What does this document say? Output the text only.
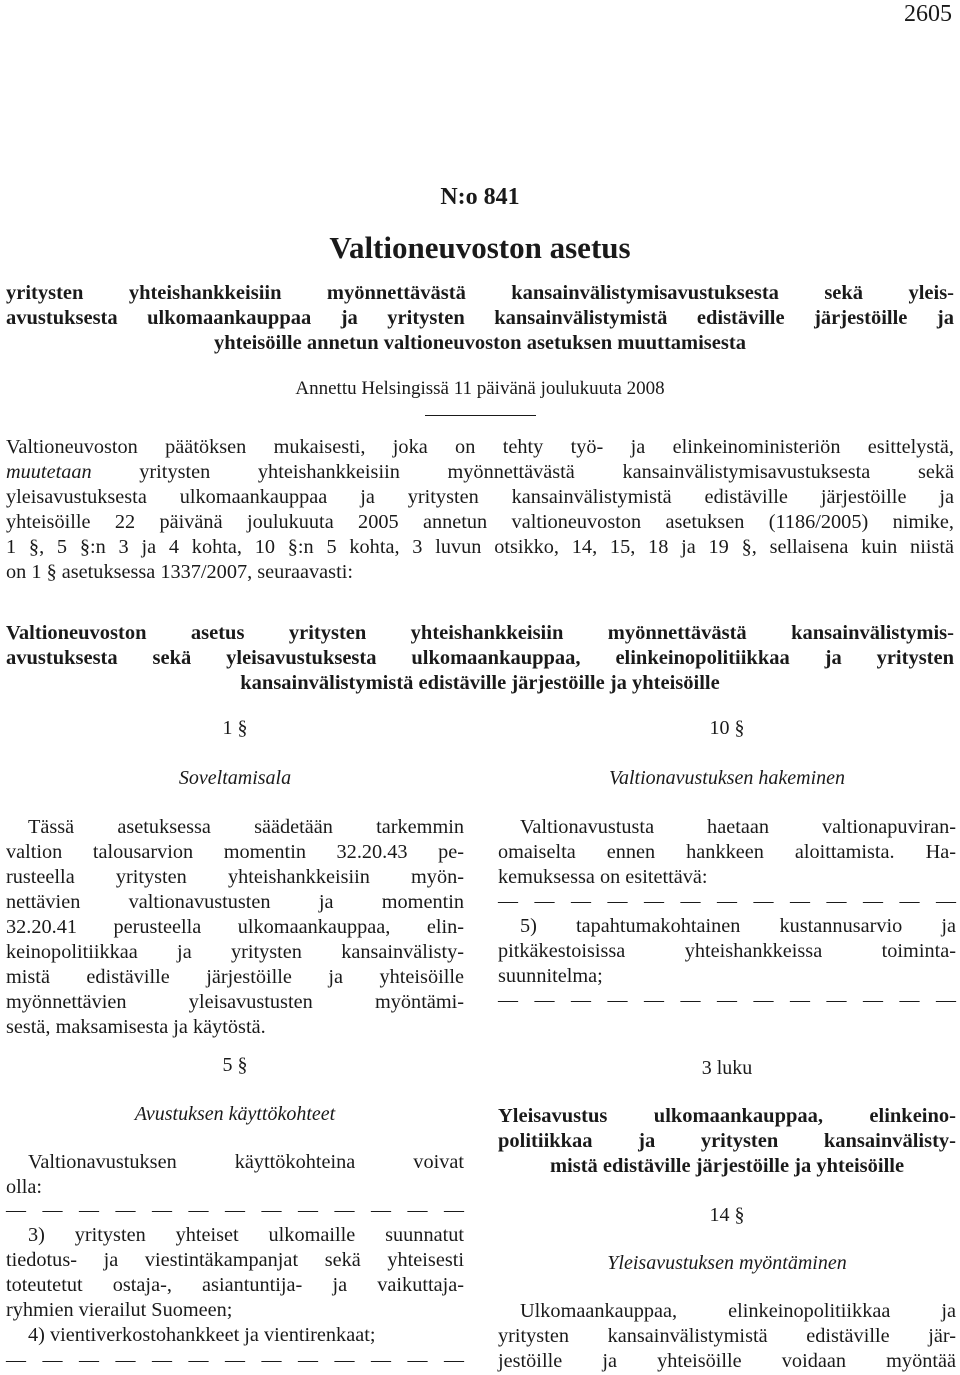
2605
N:o 841
Valtioneuvoston asetus
yritysten yhteishankkeisiin myönnettävästä kansainvälistymisavustuksesta sekä yleis-
avustuksesta ulkomaankauppaa ja yritysten kansainvälistymistä edistäville järjestöille ja
yhteisöille annetun valtioneuvoston asetuksen muuttamisesta
Annettu Helsingissä 11 päivänä joulukuuta 2008
Valtioneuvoston päätöksen mukaisesti, joka on tehty työ- ja elinkeinoministeriön esittelystä,
muutetaan yritysten yhteishankkeisiin myönnettävästä kansainvälistymisavustuksesta sekä
yleisavustuksesta ulkomaankauppaa ja yritysten kansainvälistymistä edistäville järjestöille ja
yhteisöille 22 päivänä joulukuuta 2005 annetun valtioneuvoston asetuksen (1186/2005) nimike,
1 §, 5 §:n 3 ja 4 kohta, 10 §:n 5 kohta, 3 luvun otsikko, 14, 15, 18 ja 19 §, sellaisena kuin niistä
on 1 § asetuksessa 1337/2007, seuraavasti:
Valtioneuvoston asetus yritysten yhteishankkeisiin myönnettävästä kansainvälistymis-
avustuksesta sekä yleisavustuksesta ulkomaankauppaa, elinkeinopolitiikkaa ja yritysten
kansainvälistymistä edistäville järjestöille ja yhteisöille
1 §
Soveltamisala
Tässä asetuksessa säädetään tarkemmin
valtion talousarvion momentin 32.20.43 pe-
rusteella yritysten yhteishankkeisiin myön-
nettävien valtionavustusten ja momentin
32.20.41 perusteella ulkomaankauppaa, elin-
keinopolitiikkaa ja yritysten kansainvälisty-
mistä edistäville järjestöille ja yhteisöille
myönnettävien yleisavustusten myöntämi-
sestä, maksamisesta ja käytöstä.
5 §
Avustuksen käyttökohteet
Valtionavustuksen käyttökohteina voivat
olla:
— — — — — — — — — — — — —
3) yritysten yhteiset ulkomaille suunnatut
tiedotus- ja viestintäkampanjat sekä yhteisesti
toteutetut ostaja-, asiantuntija- ja vaikuttaja-
ryhmien vierailut Suomeen;
4) vientiverkostohankkeet ja vientirenkaat;
— — — — — — — — — — — — —
10 §
Valtionavustuksen hakeminen
Valtionavustusta haetaan valtionapuviran-
omaiselta ennen hankkeen aloittamista. Ha-
kemuksessa on esitettävä:
— — — — — — — — — — — — —
5) tapahtumakohtainen kustannusarvio ja
pitkäkestoisissa yhteishankkeissa toiminta-
suunnitelma;
— — — — — — — — — — — — —
3 luku
Yleisavustus ulkomaankauppaa, elinkeino-
politiikkaa ja yritysten kansainvälisty-
mistä edistäville järjestöille ja yhteisöille
14 §
Yleisavustuksen myöntäminen
Ulkomaankauppaa, elinkeinopolitiikkaa ja
yritysten kansainvälistymistä edistäville jär-
jestöille ja yhteisöille voidaan myöntää
